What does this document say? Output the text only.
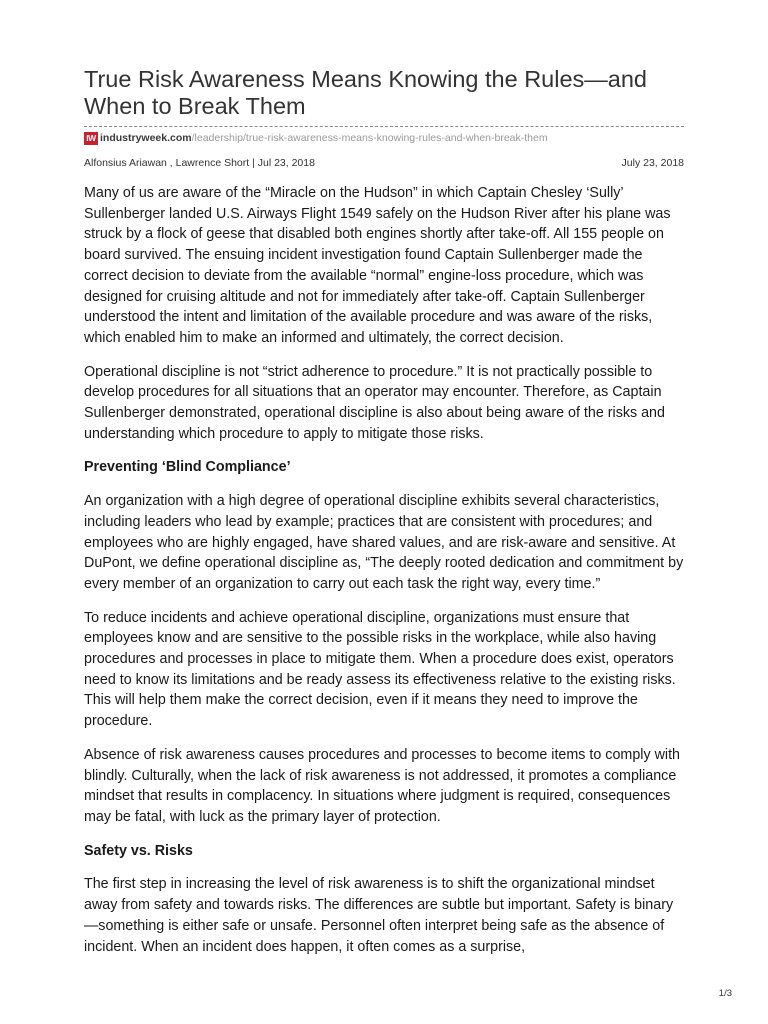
True Risk Awareness Means Knowing the Rules—and When to Break Them
IW industryweek.com /leadership/true-risk-awareness-means-knowing-rules-and-when-break-them
Alfonsius Ariawan , Lawrence Short | Jul 23, 2018	July 23, 2018

Many of us are aware of the “Miracle on the Hudson” in which Captain Chesley ‘Sully’ Sullenberger landed U.S. Airways Flight 1549 safely on the Hudson River after his plane was struck by a flock of geese that disabled both engines shortly after take-off. All 155 people on board survived. The ensuing incident investigation found Captain Sullenberger made the correct decision to deviate from the available “normal” engine-loss procedure, which was designed for cruising altitude and not for immediately after take-off. Captain Sullenberger understood the intent and limitation of the available procedure and was aware of the risks, which enabled him to make an informed and ultimately, the correct decision.

Operational discipline is not “strict adherence to procedure.” It is not practically possible to develop procedures for all situations that an operator may encounter. Therefore, as Captain Sullenberger demonstrated, operational discipline is also about being aware of the risks and understanding which procedure to apply to mitigate those risks.

Preventing ‘Blind Compliance’

An organization with a high degree of operational discipline exhibits several characteristics, including leaders who lead by example; practices that are consistent with procedures; and employees who are highly engaged, have shared values, and are risk-aware and sensitive. At DuPont, we define operational discipline as, “The deeply rooted dedication and commitment by every member of an organization to carry out each task the right way, every time.”

To reduce incidents and achieve operational discipline, organizations must ensure that employees know and are sensitive to the possible risks in the workplace, while also having procedures and processes in place to mitigate them. When a procedure does exist, operators need to know its limitations and be ready assess its effectiveness relative to the existing risks. This will help them make the correct decision, even if it means they need to improve the procedure.

Absence of risk awareness causes procedures and processes to become items to comply with blindly. Culturally, when the lack of risk awareness is not addressed, it promotes a compliance mindset that results in complacency. In situations where judgment is required, consequences may be fatal, with luck as the primary layer of protection.

Safety vs. Risks

The first step in increasing the level of risk awareness is to shift the organizational mindset away from safety and towards risks. The differences are subtle but important. Safety is binary—something is either safe or unsafe. Personnel often interpret being safe as the absence of incident. When an incident does happen, it often comes as a surprise,

1/3
